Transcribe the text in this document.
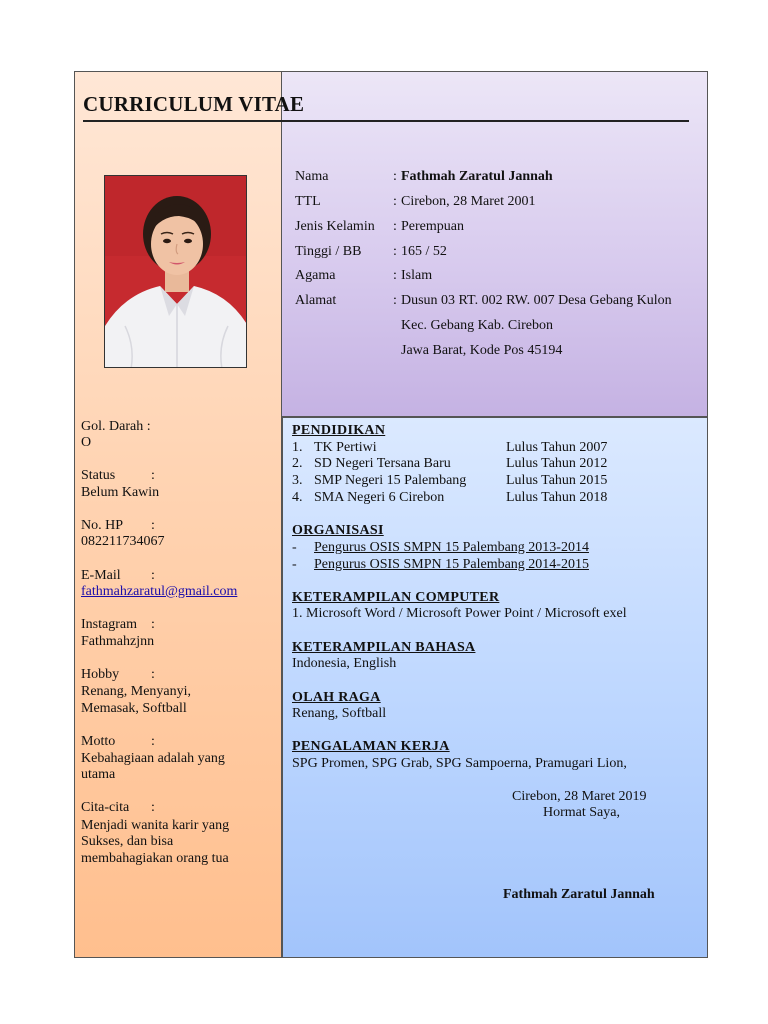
CURRICULUM VITAE
Nama	: Fathmah Zaratul Jannah
TTL	: Cirebon, 28 Maret 2001
Jenis Kelamin : Perempuan
Tinggi / BB : 165 / 52
Agama	: Islam
Alamat	: Dusun 03 RT. 002 RW. 007 Desa Gebang Kulon
Kec. Gebang Kab. Cirebon
Jawa Barat, Kode Pos 45194
Gol. Darah :
O
Status	:
Belum Kawin
No. HP :
082211734067
E-Mail :
fathmahzaratul@gmail.com
Instagram :
Fathmahzjnn
Hobby :
Renang, Menyanyi,
Memasak, Softball
Motto	:
Kebahagiaan adalah yang
utama
Cita-cita :
Menjadi wanita karir yang
Sukses, dan bisa
membahagiakan orang tua
PENDIDIKAN
1. TK Pertiwi	Lulus Tahun 2007
2. SD Negeri Tersana Baru	Lulus Tahun 2012
3. SMP Negeri 15 Palembang	Lulus Tahun 2015
4. SMA Negeri 6 Cirebon	Lulus Tahun 2018
ORGANISASI
- Pengurus OSIS SMPN 15 Palembang 2013-2014
- Pengurus OSIS SMPN 15 Palembang 2014-2015
KETERAMPILAN COMPUTER
1. Microsoft Word / Microsoft Power Point / Microsoft exel
KETERAMPILAN BAHASA
Indonesia, English
OLAH RAGA
Renang, Softball
PENGALAMAN KERJA
SPG Promen, SPG Grab, SPG Sampoerna, Pramugari Lion,
Cirebon, 28 Maret 2019
Hormat Saya,
Fathmah Zaratul Jannah
